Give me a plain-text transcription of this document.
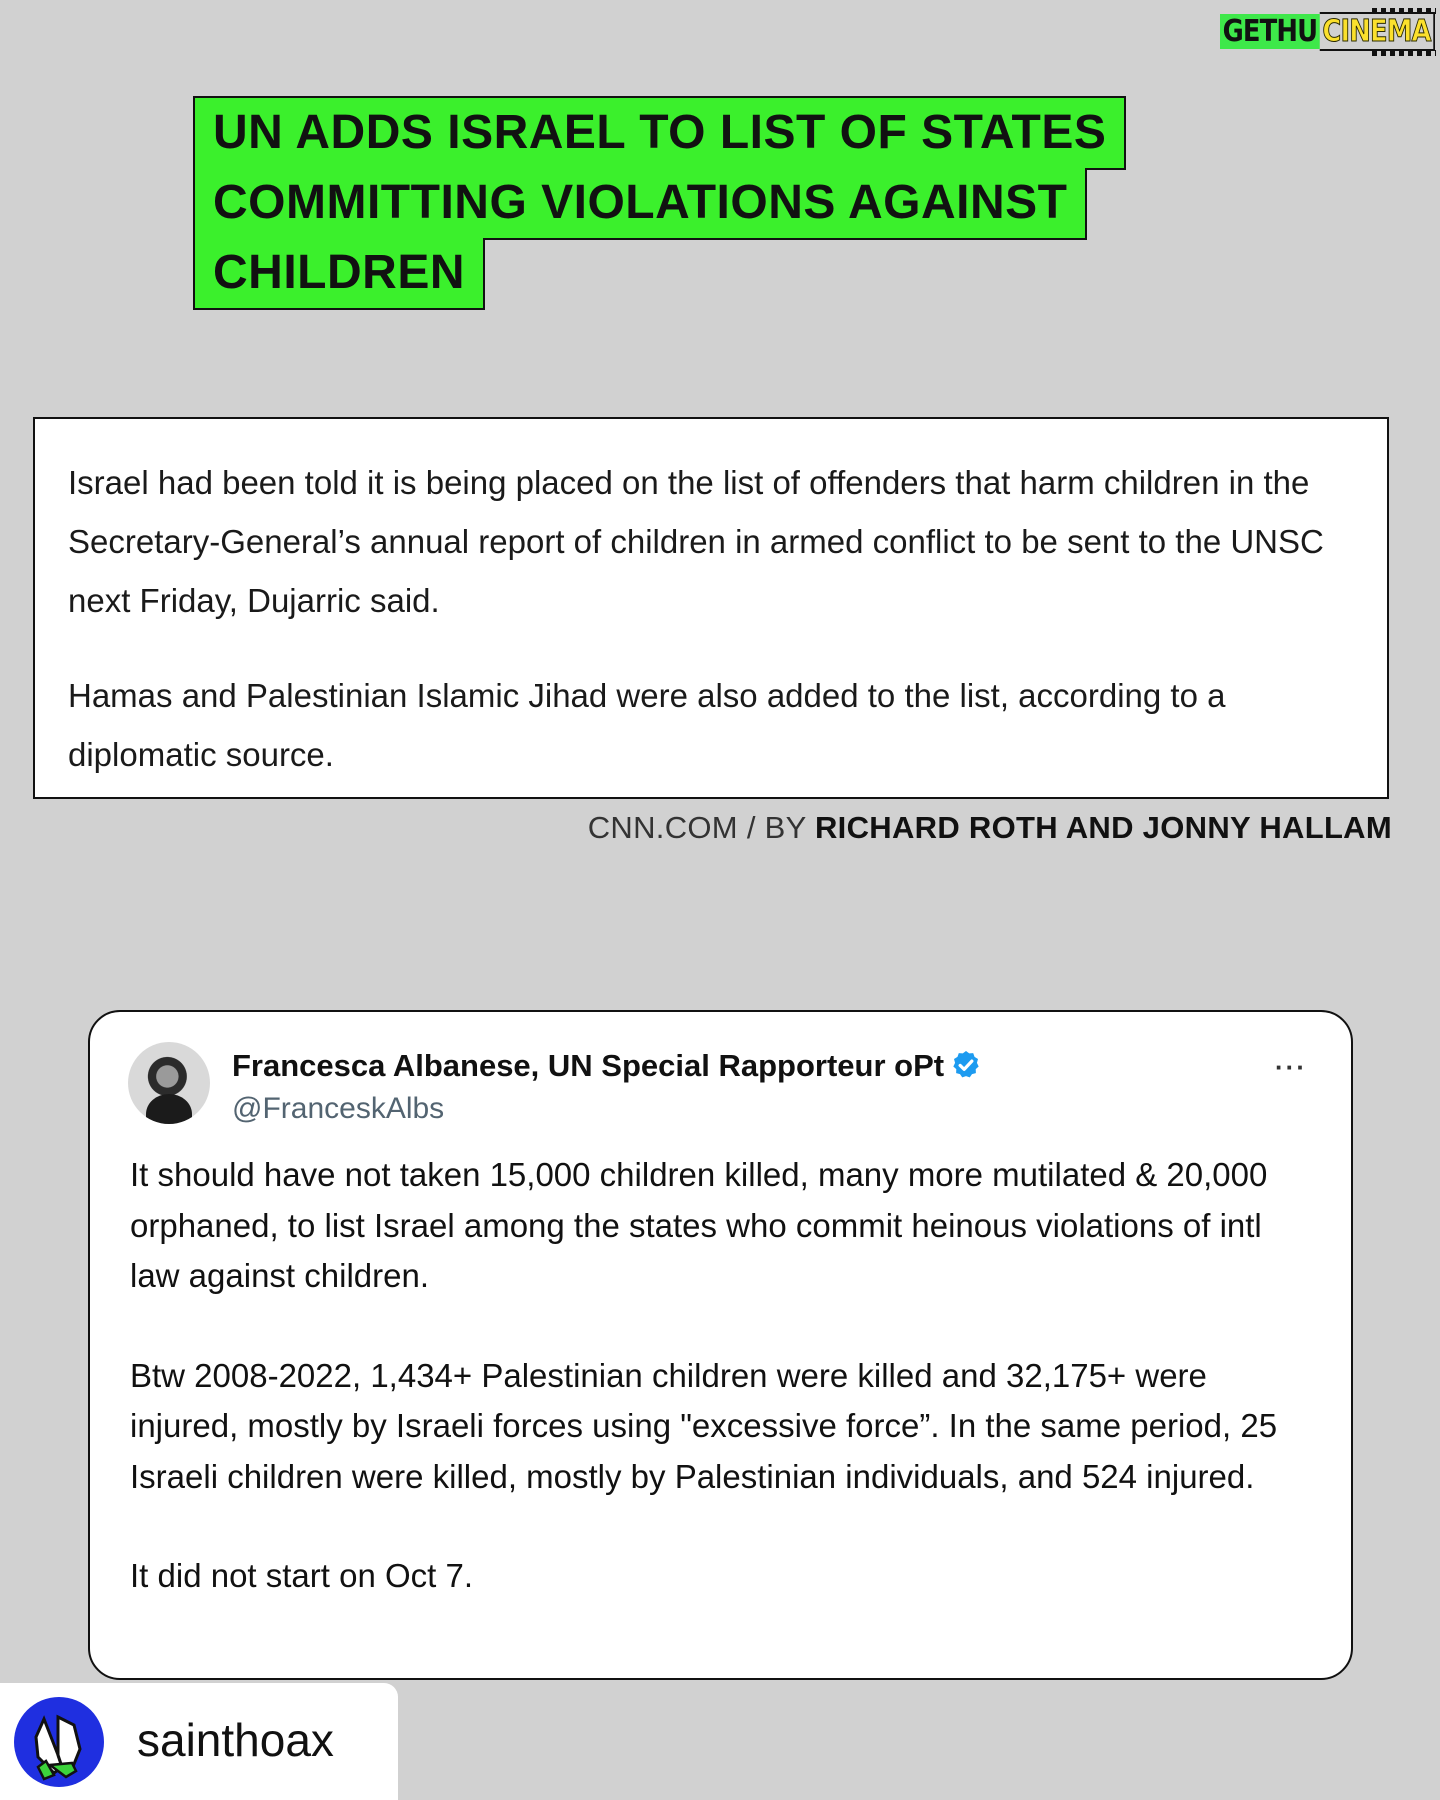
GETHU CINEMA
UN ADDS ISRAEL TO LIST OF STATES
COMMITTING VIOLATIONS AGAINST
CHILDREN

Israel had been told it is being placed on the list of offenders that harm children in the Secretary-General’s annual report of children in armed conflict to be sent to the UNSC next Friday, Dujarric said.

Hamas and Palestinian Islamic Jihad were also added to the list, according to a diplomatic source.

CNN.COM / BY RICHARD ROTH AND JONNY HALLAM
Francesca Albanese, UN Special Rapporteur oPt
@FranceskAlbs
···

It should have not taken 15,000 children killed, many more mutilated & 20,000 orphaned, to list Israel among the states who commit heinous violations of intl law against children.

Btw 2008-2022, 1,434+ Palestinian children were killed and 32,175+ were injured, mostly by Israeli forces using "excessive force”. In the same period, 25 Israeli children were killed, mostly by Palestinian individuals, and 524 injured.

It did not start on Oct 7.

sainthoax
